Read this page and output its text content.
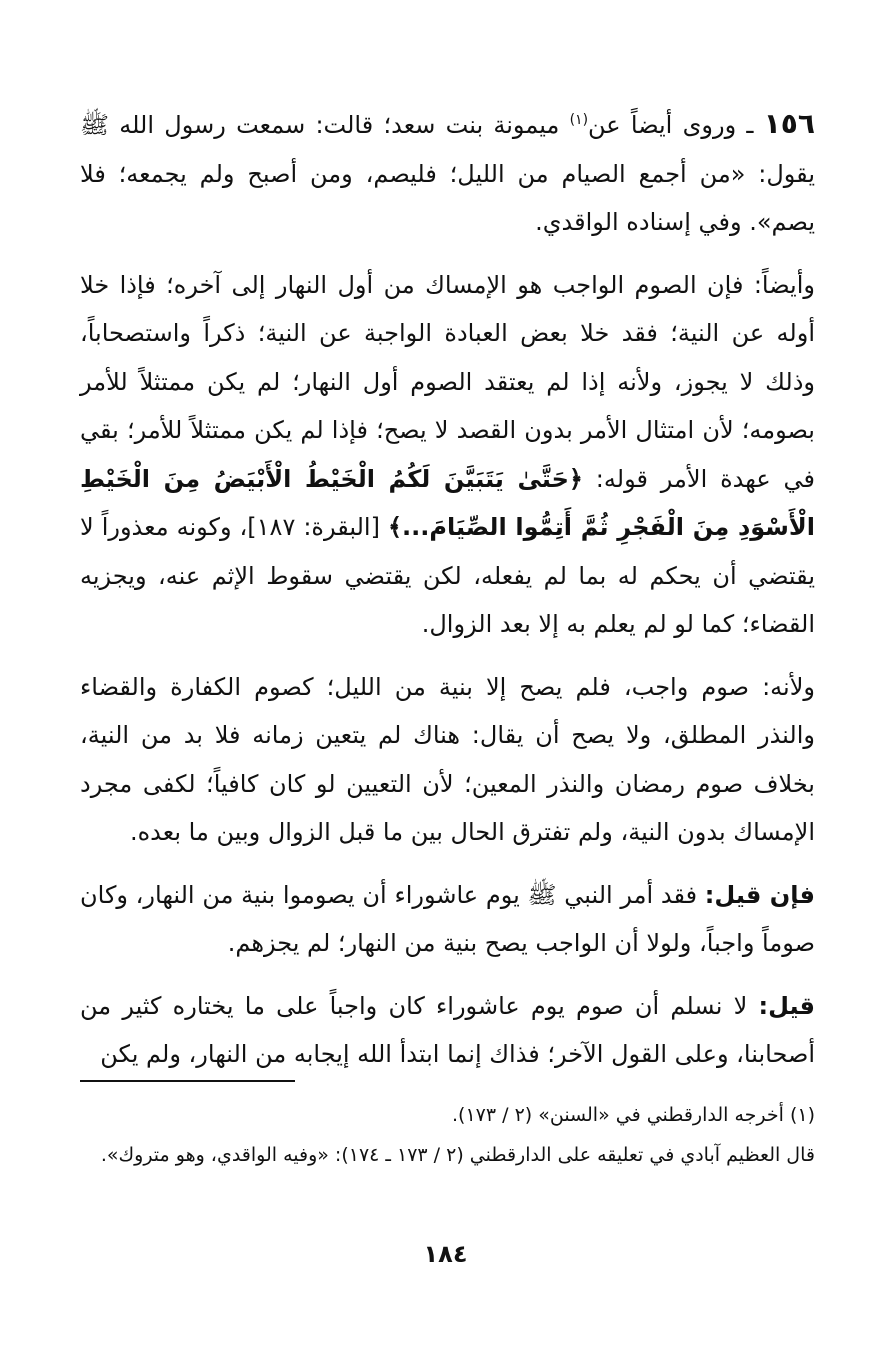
١٥٦ ـ وروى أيضاً عن$^{(١)}$ ميمونة بنت سعد؛ قالت: سمعت رسول الله ﷺ يقول: «من أجمع الصيام من الليل؛ فليصم، ومن أصبح ولم يجمعه؛ فلا يصم». وفي إسناده الواقدي.

وأيضاً: فإن الصوم الواجب هو الإمساك من أول النهار إلى آخره؛ فإذا خلا أوله عن النية؛ فقد خلا بعض العبادة الواجبة عن النية؛ ذكراً واستصحاباً، وذلك لا يجوز، ولأنه إذا لم يعتقد الصوم أول النهار؛ لم يكن ممتثلاً للأمر بصومه؛ لأن امتثال الأمر بدون القصد لا يصح؛ فإذا لم يكن ممتثلاً للأمر؛ بقي في عهدة الأمر قوله: ﴿حَتَّىٰ يَتَبَيَّنَ لَكُمُ الْخَيْطُ الْأَبْيَضُ مِنَ الْخَيْطِ الْأَسْوَدِ مِنَ الْفَجْرِ ثُمَّ أَتِمُّوا الصِّيَامَ...﴾ [البقرة: ١٨٧]، وكونه معذوراً لا يقتضي أن يحكم له بما لم يفعله، لكن يقتضي سقوط الإثم عنه، ويجزيه القضاء؛ كما لو لم يعلم به إلا بعد الزوال.

ولأنه: صوم واجب، فلم يصح إلا بنية من الليل؛ كصوم الكفارة والقضاء والنذر المطلق، ولا يصح أن يقال: هناك لم يتعين زمانه فلا بد من النية، بخلاف صوم رمضان والنذر المعين؛ لأن التعيين لو كان كافياً؛ لكفى مجرد الإمساك بدون النية، ولم تفترق الحال بين ما قبل الزوال وبين ما بعده.

فإن قيل: فقد أمر النبي ﷺ يوم عاشوراء أن يصوموا بنية من النهار، وكان صوماً واجباً، ولولا أن الواجب يصح بنية من النهار؛ لم يجزهم.

قيل: لا نسلم أن صوم يوم عاشوراء كان واجباً على ما يختاره كثير من أصحابنا، وعلى القول الآخر؛ فذاك إنما ابتدأ الله إيجابه من النهار، ولم يكن

(١) أخرجه الدارقطني في «السنن» (٢ / ١٧٣).

قال العظيم آبادي في تعليقه على الدارقطني (٢ / ١٧٣ ـ ١٧٤): «وفيه الواقدي، وهو متروك».

١٨٤
